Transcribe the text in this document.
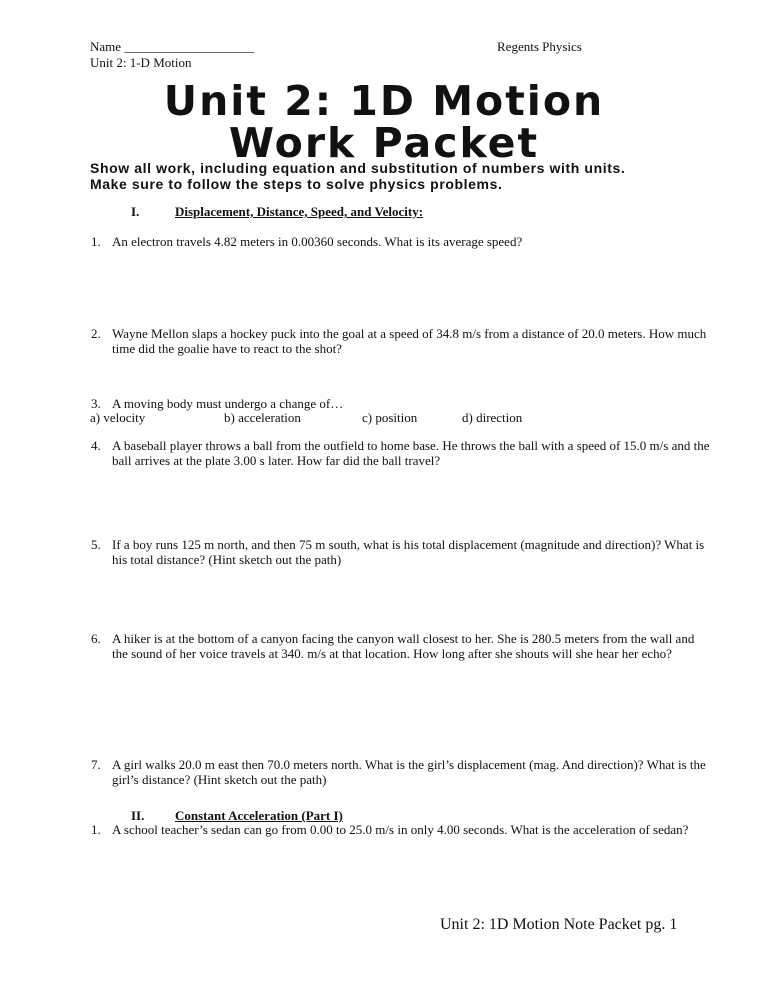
Name ____________________	Regents Physics
Unit 2: 1-D Motion
Unit 2: 1D Motion
Work Packet
Show all work, including equation and substitution of numbers with units.
Make sure to follow the steps to solve physics problems.
I.	Displacement, Distance, Speed, and Velocity:
1. An electron travels 4.82 meters in 0.00360 seconds. What is its average speed?
2. Wayne Mellon slaps a hockey puck into the goal at a speed of 34.8 m/s from a distance of 20.0 meters. How much time did the goalie have to react to the shot?
3. A moving body must undergo a change of…
a) velocity	b) acceleration	c) position	d) direction
4. A baseball player throws a ball from the outfield to home base. He throws the ball with a speed of 15.0 m/s and the ball arrives at the plate 3.00 s later. How far did the ball travel?
5. If a boy runs 125 m north, and then 75 m south, what is his total displacement (magnitude and direction)? What is his total distance? (Hint sketch out the path)
6. A hiker is at the bottom of a canyon facing the canyon wall closest to her. She is 280.5 meters from the wall and the sound of her voice travels at 340. m/s at that location. How long after she shouts will she hear her echo?
7. A girl walks 20.0 m east then 70.0 meters north. What is the girl’s displacement (mag. And direction)? What is the girl’s distance? (Hint sketch out the path)
II. Constant Acceleration (Part I)
1. A school teacher’s sedan can go from 0.00 to 25.0 m/s in only 4.00 seconds. What is the acceleration of sedan?
Unit 2: 1D Motion Note Packet pg. 1
